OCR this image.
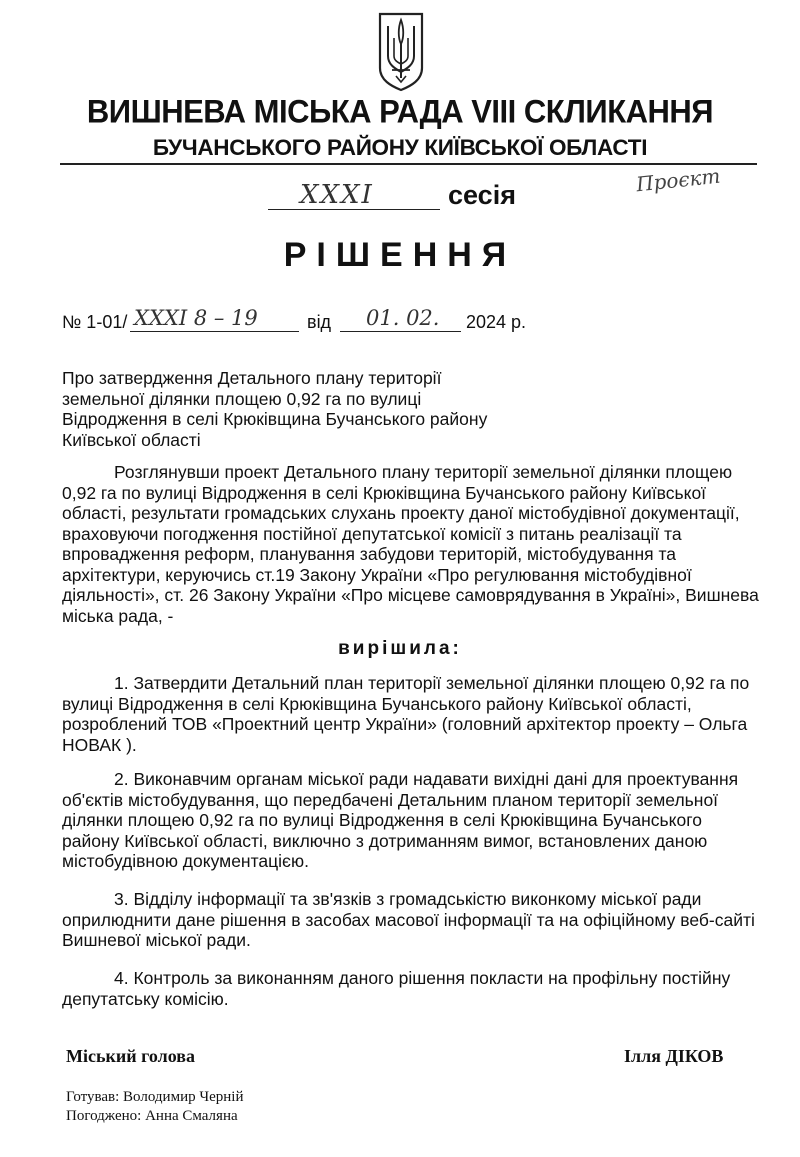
ВИШНЕВА МІСЬКА РАДА VIII СКЛИКАННЯ
БУЧАНСЬКОГО РАЙОНУ КИЇВСЬКОЇ ОБЛАСТІ
XXXI	сесія	Проєкт
РІШЕННЯ
№ 1-01/ XXXI 8 – 19	від 01. 02. 2024 р.
Про затвердження Детального плану території
земельної ділянки площею 0,92 га по вулиці
Відродження в селі Крюківщина Бучанського району
Київської області
Розглянувши проект Детального плану території земельної ділянки площею
0,92 га по вулиці Відродження в селі Крюківщина Бучанського району Київської
області, результати громадських слухань проекту даної містобудівної документації,
враховуючи погодження постійної депутатської комісії з питань реалізації та
впровадження реформ, планування забудови територій, містобудування та
архітектури, керуючись ст.19 Закону України «Про регулювання містобудівної
діяльності», ст. 26 Закону України «Про місцеве самоврядування в Україні», Вишнева
міська рада, -
вирішила:
1. Затвердити Детальний план території земельної ділянки площею 0,92 га по
вулиці Відродження в селі Крюківщина Бучанського району Київської області,
розроблений ТОВ «Проектний центр України» (головний архітектор проекту – Ольга
НОВАК ).
2. Виконавчим органам міської ради надавати вихідні дані для проектування
об'єктів містобудування, що передбачені Детальним планом території земельної
ділянки площею 0,92 га по вулиці Відродження в селі Крюківщина Бучанського
району Київської області, виключно з дотриманням вимог, встановлених даною
містобудівною документацією.
3. Відділу інформації та зв'язків з громадськістю виконкому міської ради
оприлюднити дане рішення в засобах масової інформації та на офіційному веб-сайті
Вишневої міської ради.
4. Контроль за виконанням даного рішення покласти на профільну постійну
депутатську комісію.
Міський голова	Ілля ДІКОВ
Готував: Володимир Черній
Погоджено: Анна Смаляна
